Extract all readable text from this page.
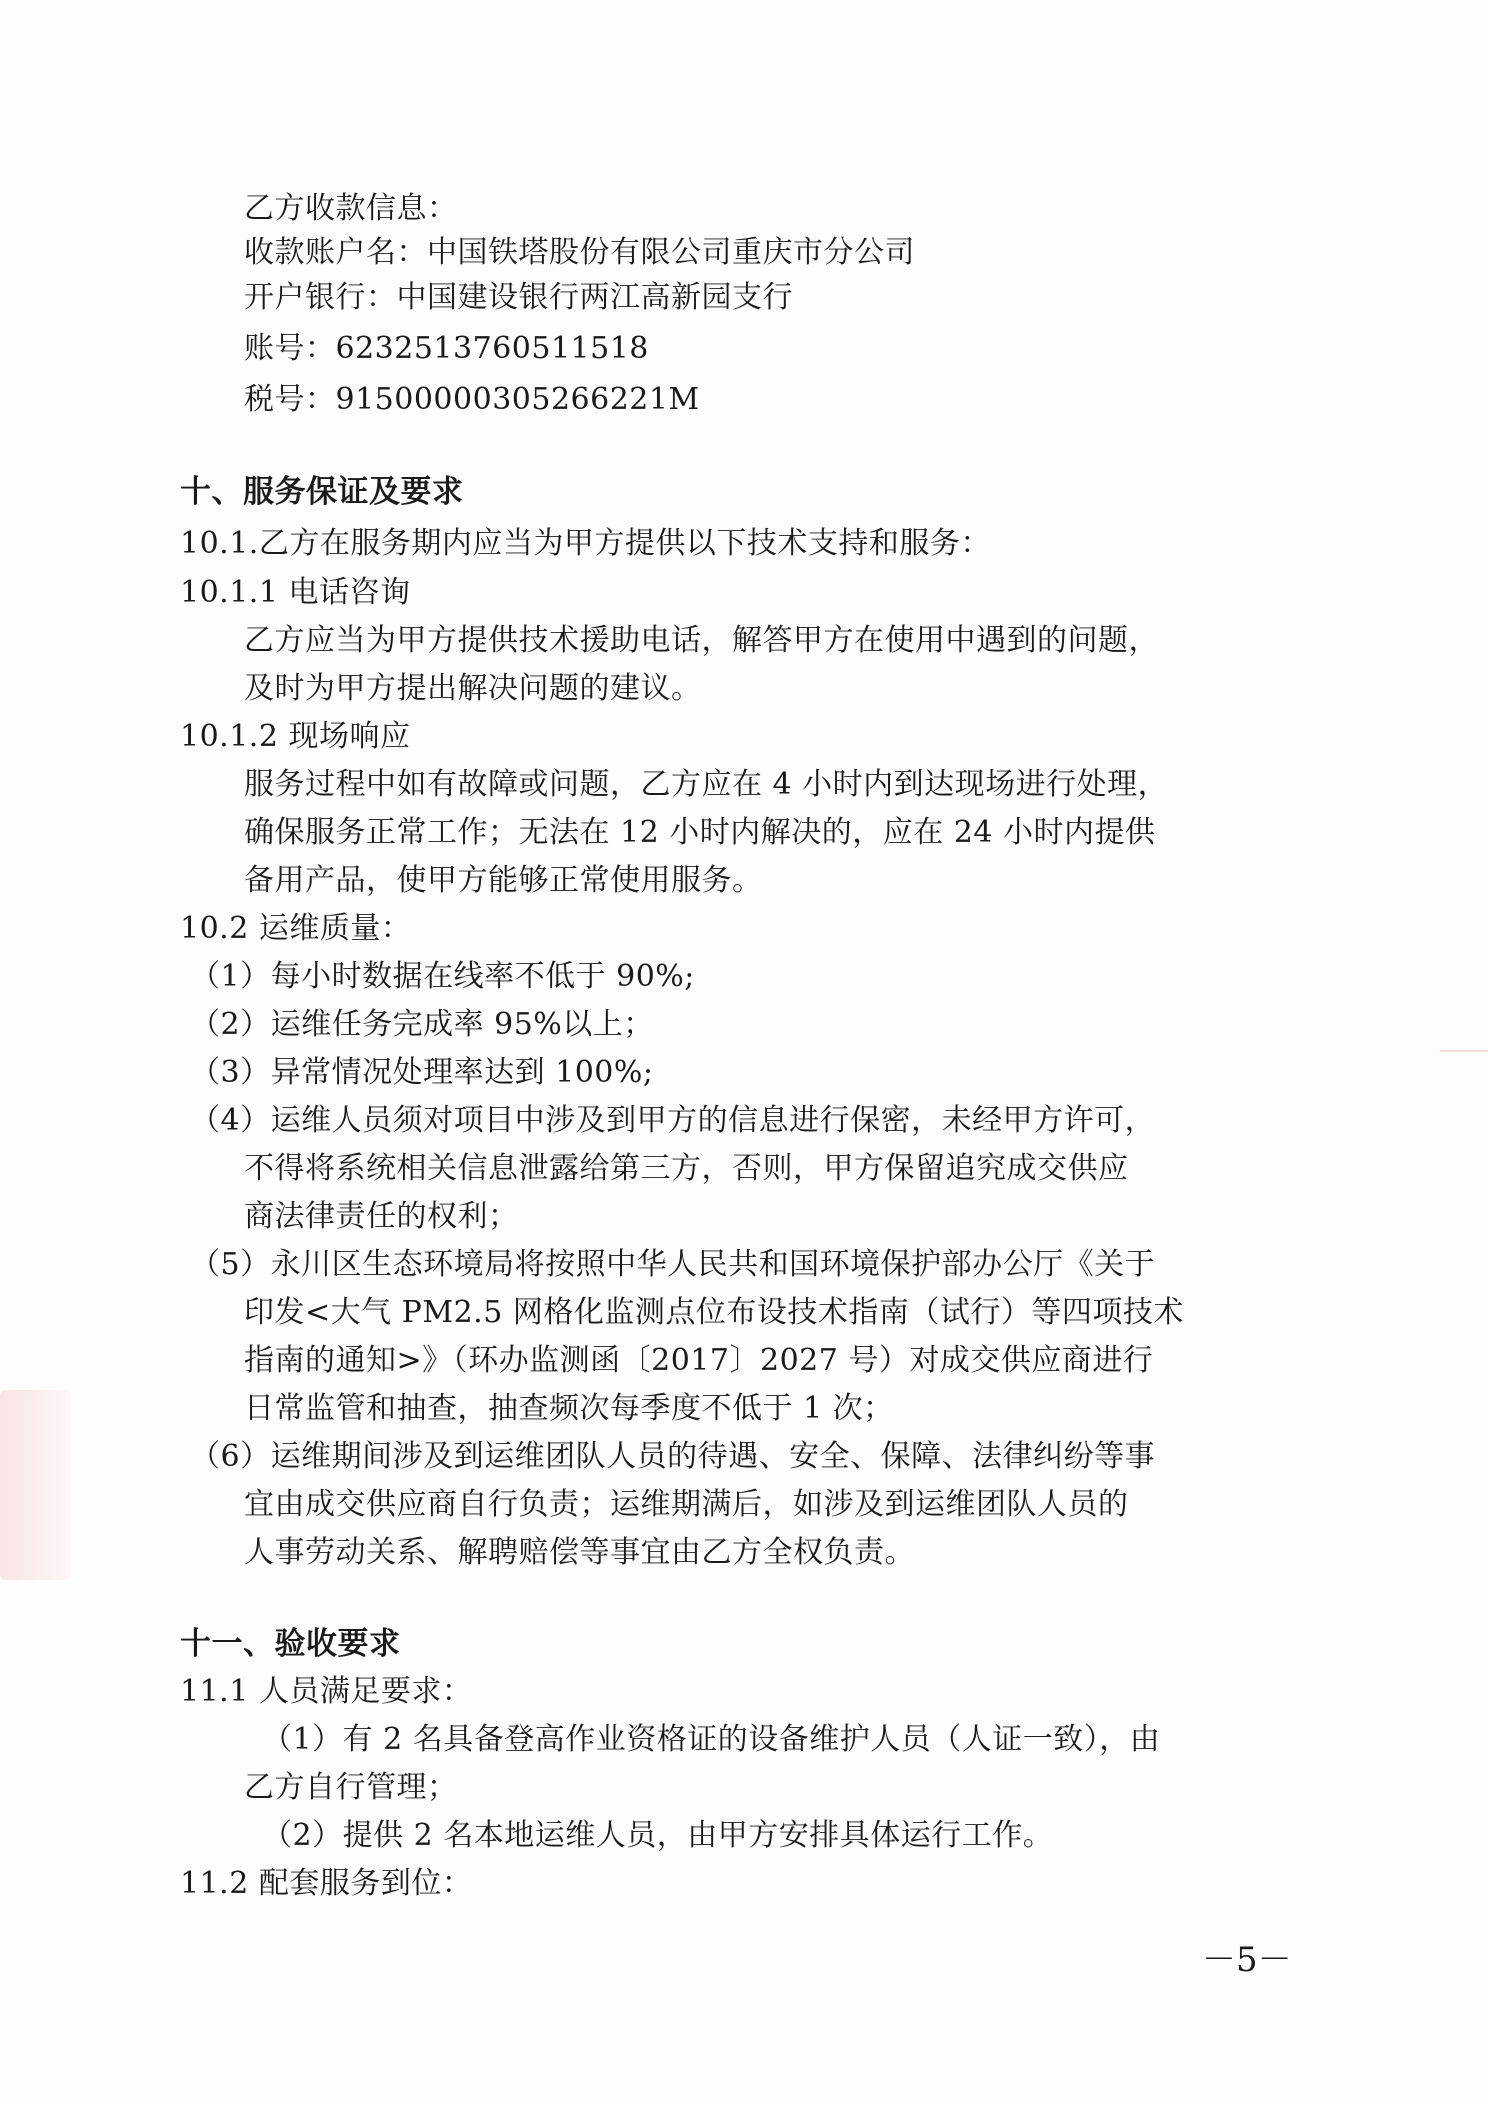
乙方收款信息：
收款账户名：中国铁塔股份有限公司重庆市分公司
开户银行：中国建设银行两江高新园支行
账号：6232513760511518
税号：91500000305266221M
十、服务保证及要求
10.1.乙方在服务期内应当为甲方提供以下技术支持和服务：
10.1.1 电话咨询
乙方应当为甲方提供技术援助电话，解答甲方在使用中遇到的问题，
及时为甲方提出解决问题的建议。
10.1.2 现场响应
服务过程中如有故障或问题，乙方应在 4 小时内到达现场进行处理，
确保服务正常工作；无法在 12 小时内解决的，应在 24 小时内提供
备用产品，使甲方能够正常使用服务。
10.2 运维质量：
（1）每小时数据在线率不低于 90%;
（2）运维任务完成率 95%以上；
（3）异常情况处理率达到 100%;
（4）运维人员须对项目中涉及到甲方的信息进行保密，未经甲方许可，
不得将系统相关信息泄露给第三方，否则，甲方保留追究成交供应
商法律责任的权利；
（5）永川区生态环境局将按照中华人民共和国环境保护部办公厅《关于
印发<大气 PM2.5 网格化监测点位布设技术指南（试行）等四项技术
指南的通知>》（环办监测函〔2017〕2027 号）对成交供应商进行
日常监管和抽查，抽查频次每季度不低于 1 次；
（6）运维期间涉及到运维团队人员的待遇、安全、保障、法律纠纷等事
宜由成交供应商自行负责；运维期满后，如涉及到运维团队人员的
人事劳动关系、解聘赔偿等事宜由乙方全权负责。
十一、验收要求
11.1 人员满足要求：
（1）有 2 名具备登高作业资格证的设备维护人员（人证一致），由
乙方自行管理；
（2）提供 2 名本地运维人员，由甲方安排具体运行工作。
11.2 配套服务到位：
－5－
